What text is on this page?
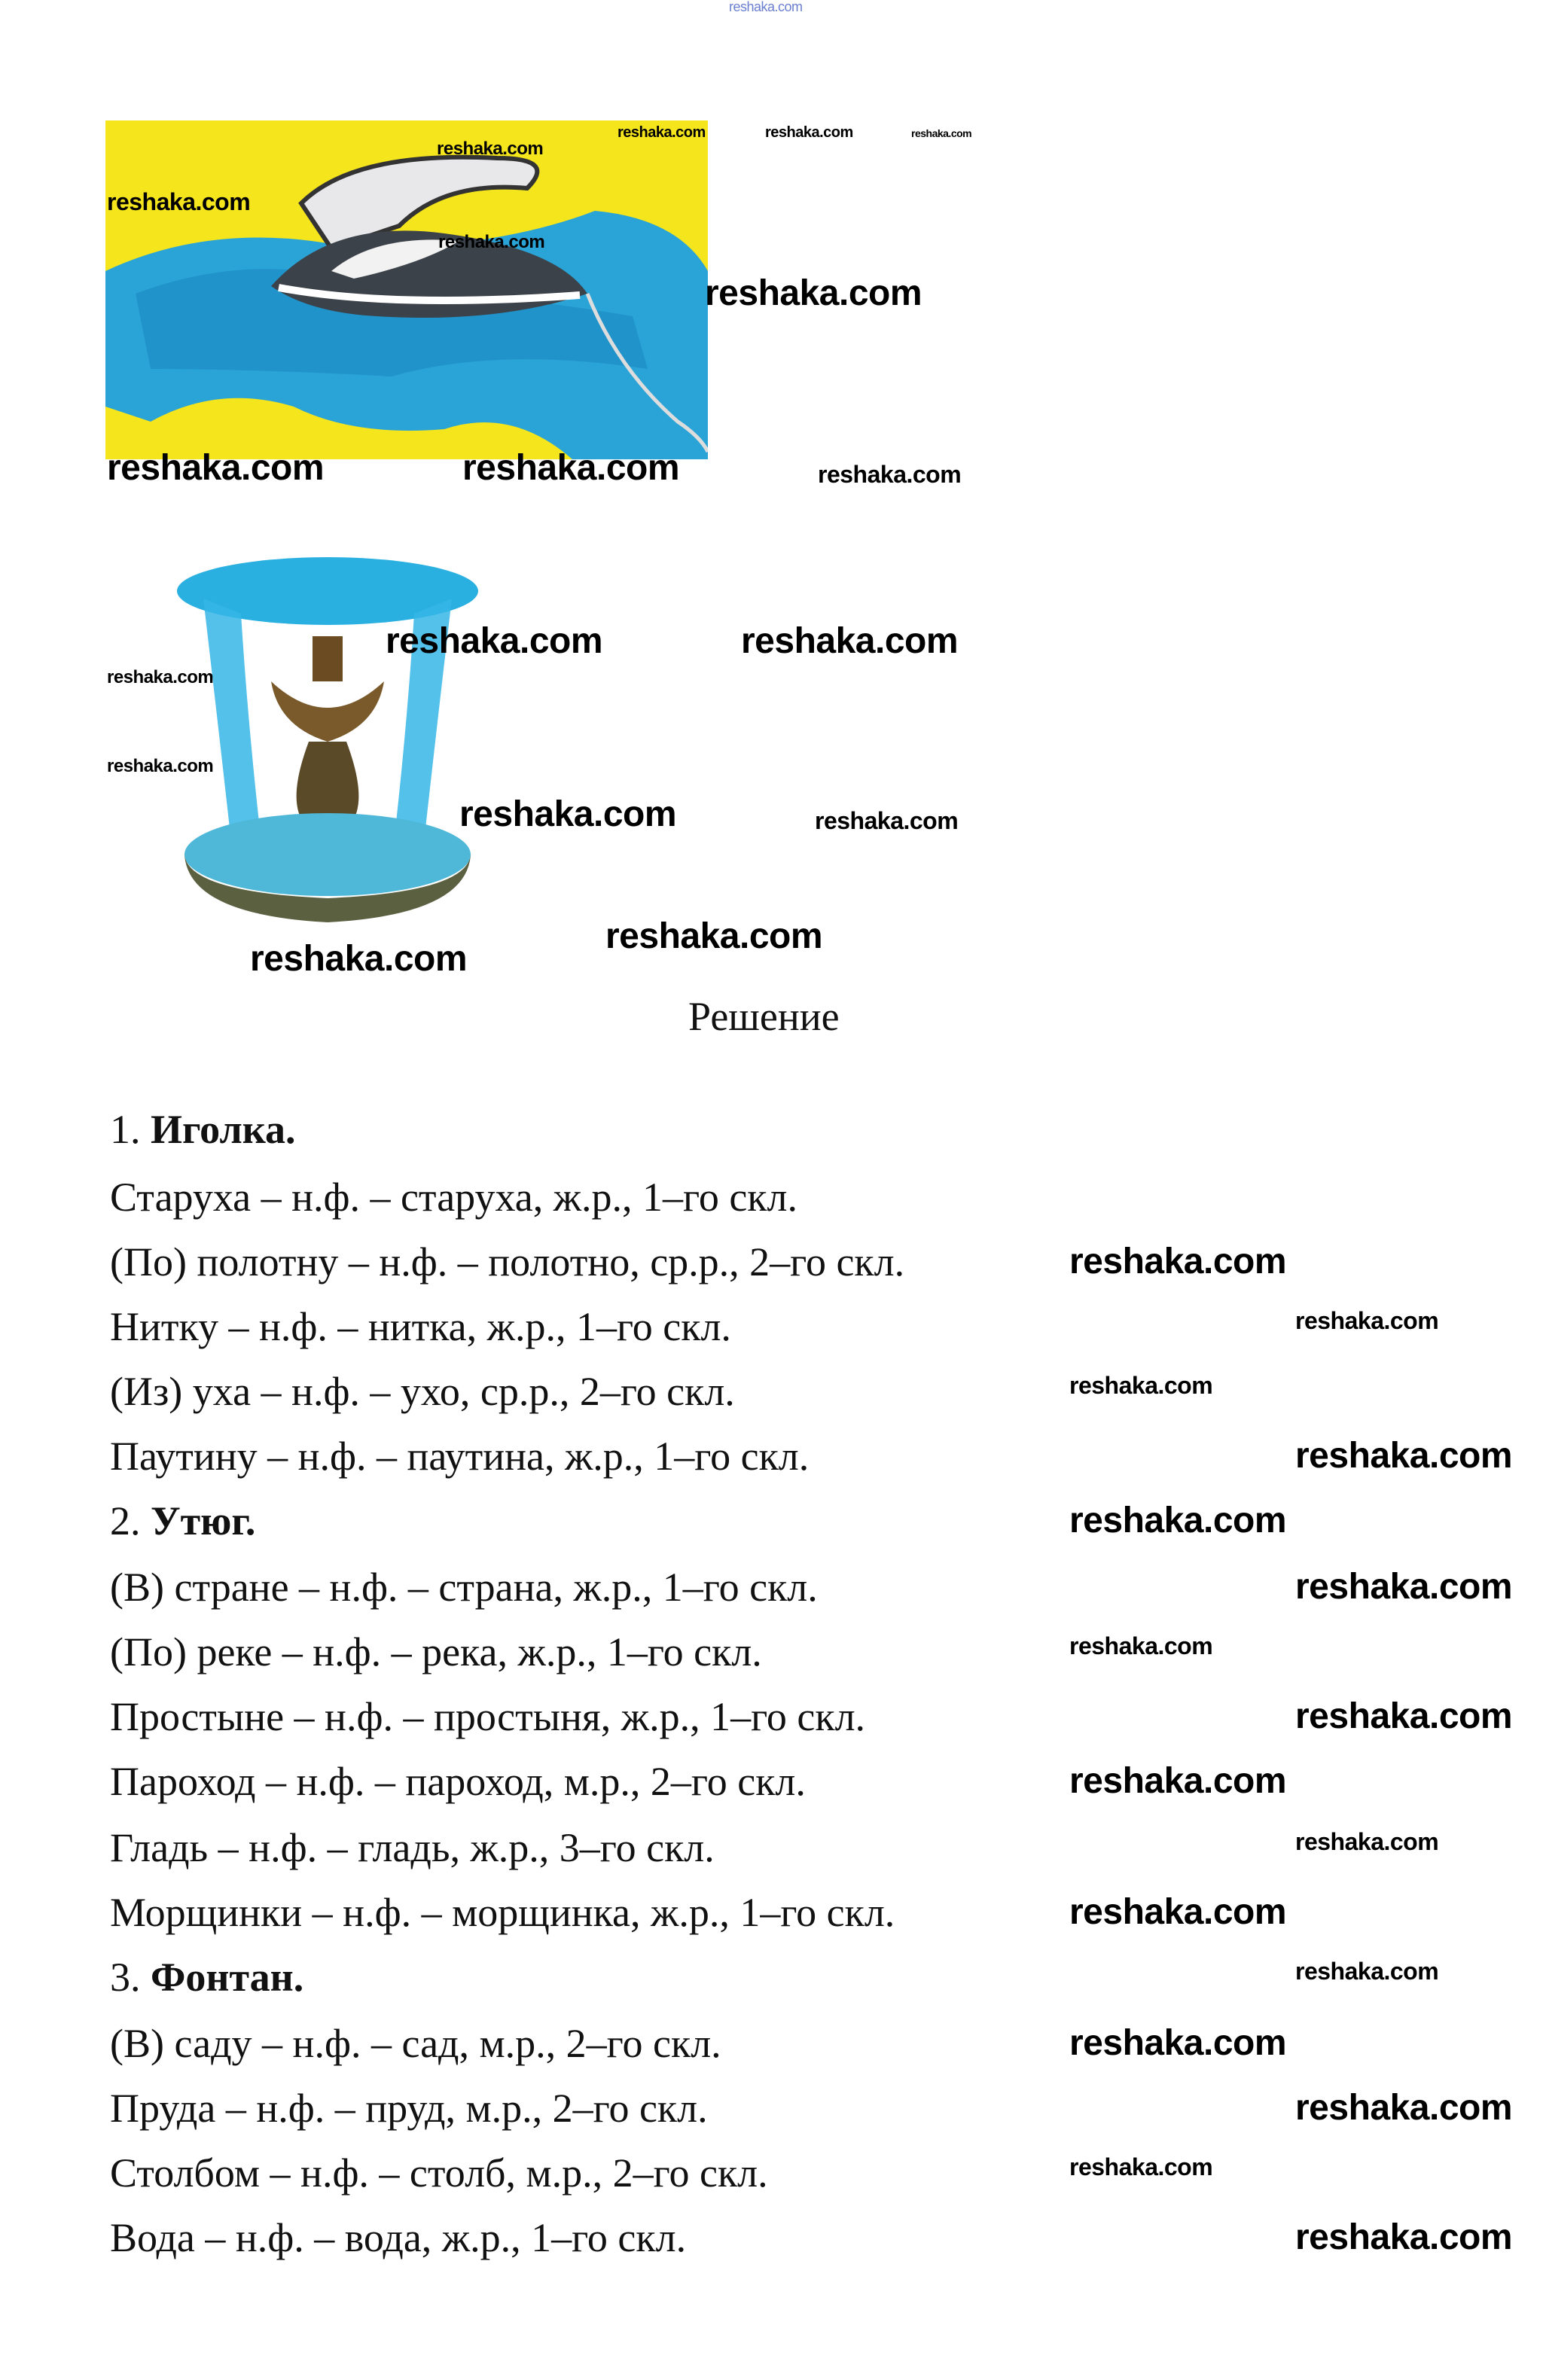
reshaka.com
reshaka.com
reshaka.com	reshaka.com	reshaka.com
reshaka.com
reshaka.com
reshaka.com
reshaka.com	reshaka.com	reshaka.com
reshaka.com	reshaka.com
reshaka.com
reshaka.com
reshaka.com	reshaka.com
reshaka.com
reshaka.com
reshaka.com
reshaka.com
reshaka.com
reshaka.com
reshaka.com
reshaka.com
reshaka.com
reshaka.com
reshaka.com
reshaka.com
reshaka.com
reshaka.com
reshaka.com
reshaka.com
reshaka.com
reshaka.com
Решение
1. Иголка.
Старуха – н.ф. – старуха, ж.р., 1–го скл.
(По) полотну – н.ф. – полотно, ср.р., 2–го скл.
Нитку – н.ф. – нитка, ж.р., 1–го скл.
(Из) уха – н.ф. – ухо, ср.р., 2–го скл.
Паутину – н.ф. – паутина, ж.р., 1–го скл.
2. Утюг.
(В) стране – н.ф. – страна, ж.р., 1–го скл.
(По) реке – н.ф. – река, ж.р., 1–го скл.
Простыне – н.ф. – простыня, ж.р., 1–го скл.
Пароход – н.ф. – пароход, м.р., 2–го скл.
Гладь – н.ф. – гладь, ж.р., 3–го скл.
Морщинки – н.ф. – морщинка, ж.р., 1–го скл.
3. Фонтан.
(В) саду – н.ф. – сад, м.р., 2–го скл.
Пруда – н.ф. – пруд, м.р., 2–го скл.
Столбом – н.ф. – столб, м.р., 2–го скл.
Вода – н.ф. – вода, ж.р., 1–го скл.
